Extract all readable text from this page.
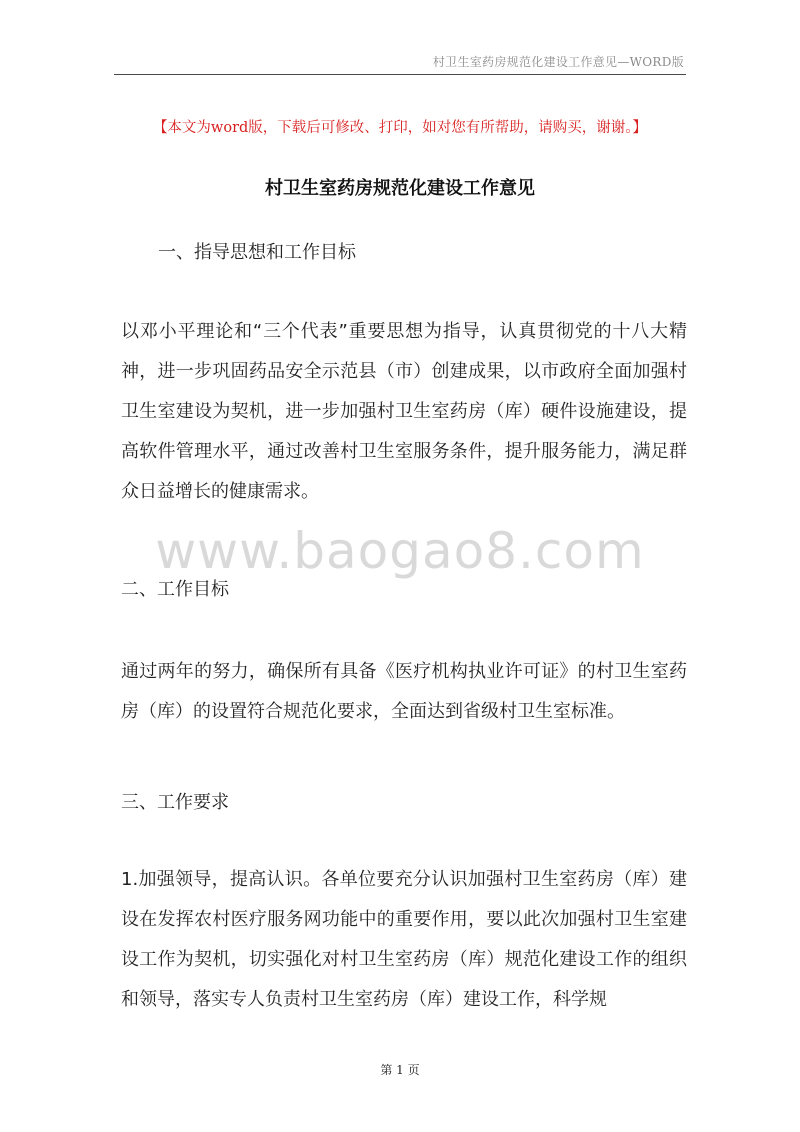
村卫生室药房规范化建设工作意见—WORD版
【本文为word版，下载后可修改、打印，如对您有所帮助，请购买，谢谢。】
村卫生室药房规范化建设工作意见
一、指导思想和工作目标
以邓小平理论和“三个代表”重要思想为指导，认真贯彻党的十八大精神，进一步巩固药品安全示范县（市）创建成果，以市政府全面加强村卫生室建设为契机，进一步加强村卫生室药房（库）硬件设施建设，提高软件管理水平，通过改善村卫生室服务条件，提升服务能力，满足群众日益增长的健康需求。
www.baogao8.com
二、工作目标
通过两年的努力，确保所有具备《医疗机构执业许可证》的村卫生室药房（库）的设置符合规范化要求，全面达到省级村卫生室标准。
三、工作要求
1.加强领导，提高认识。各单位要充分认识加强村卫生室药房（库）建设在发挥农村医疗服务网功能中的重要作用，要以此次加强村卫生室建设工作为契机，切实强化对村卫生室药房（库）规范化建设工作的组织和领导，落实专人负责村卫生室药房（库）建设工作，科学规
第 1 页
